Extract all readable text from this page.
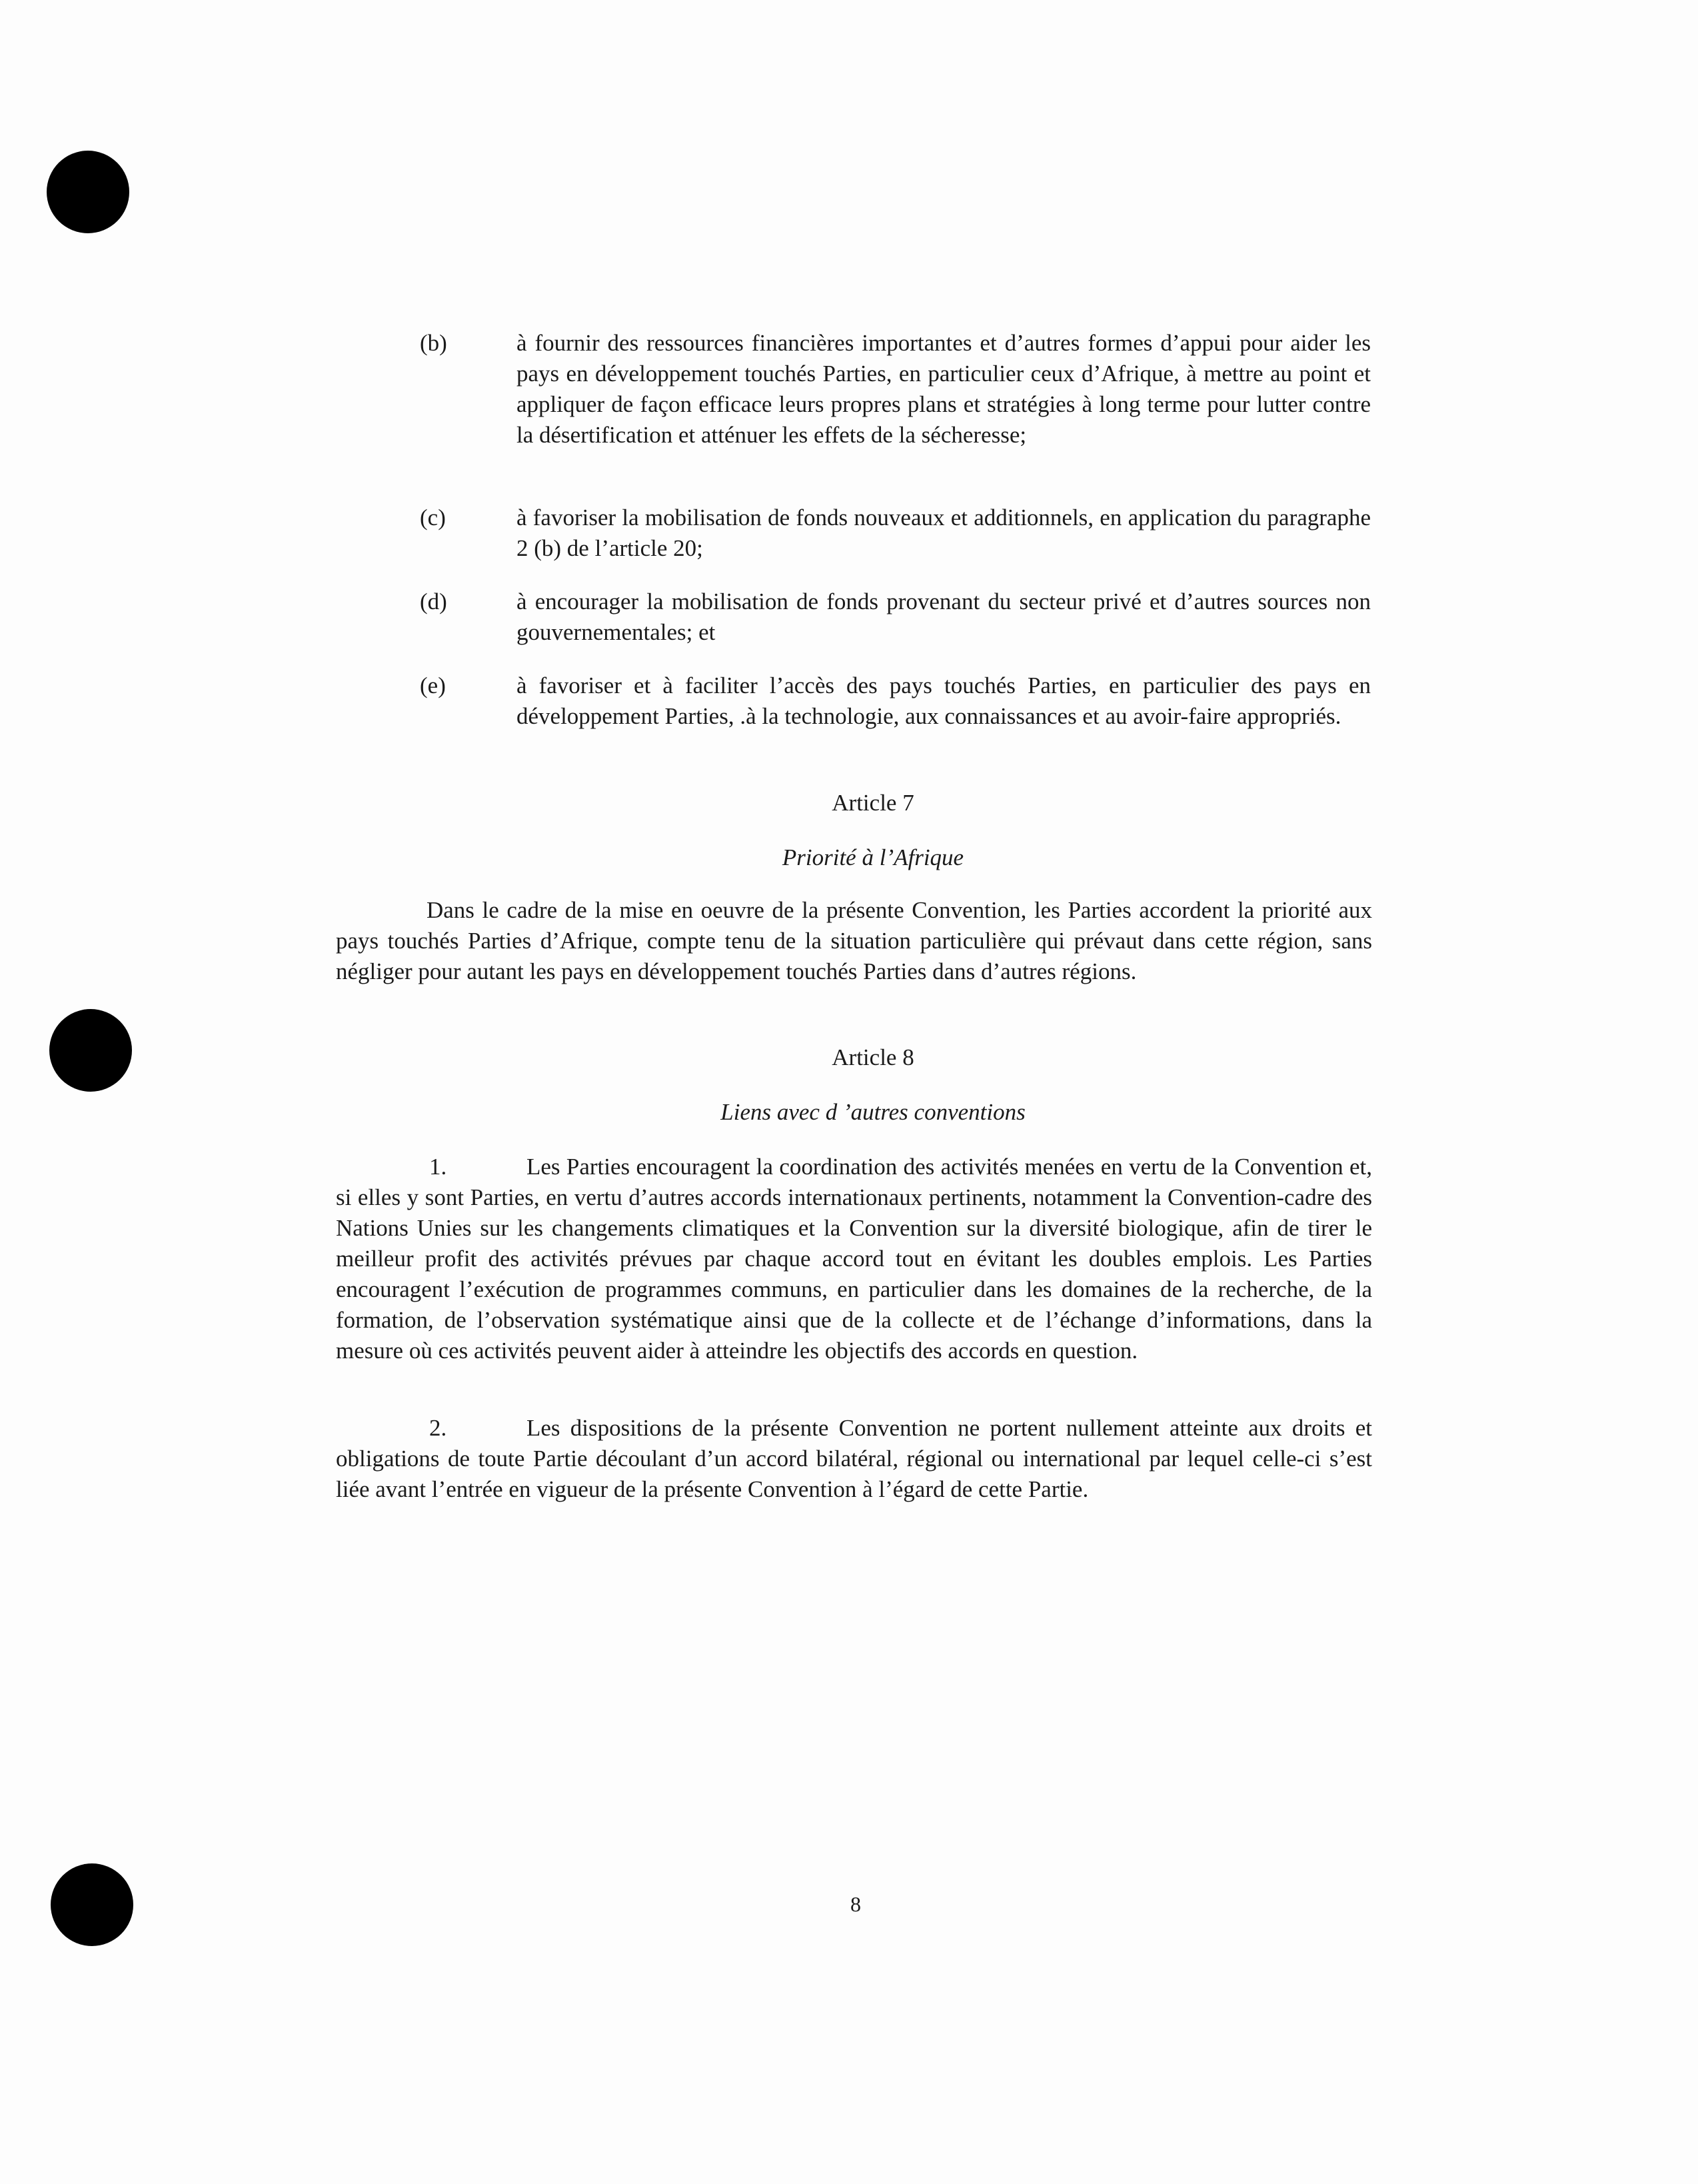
(b)	à fournir des ressources financières importantes et d’autres formes d’appui pour aider les pays en développement touchés Parties, en particulier ceux d’Afrique, à mettre au point et appliquer de façon efficace leurs propres plans et stratégies à long terme pour lutter contre la désertification et atténuer les effets de la sécheresse;
(c)	à favoriser la mobilisation de fonds nouveaux et additionnels, en application du paragraphe 2 (b) de l’article 20;
(d)	à encourager la mobilisation de fonds provenant du secteur privé et d’autres sources non gouvernementales; et
(e)	à favoriser et à faciliter l’accès des pays touchés Parties, en particulier des pays en développement Parties, .à la technologie, aux connaissances et au avoir-faire appropriés.
Article 7
Priorité à l’Afrique
Dans le cadre de la mise en oeuvre de la présente Convention, les Parties accordent la priorité aux pays touchés Parties d’Afrique, compte tenu de la situation particulière qui prévaut dans cette région, sans négliger pour autant les pays en développement touchés Parties dans d’autres régions.
Article 8
Liens avec d ’autres conventions
1.	Les Parties encouragent la coordination des activités menées en vertu de la Convention et, si elles y sont Parties, en vertu d’autres accords internationaux pertinents, notamment la Convention-cadre des Nations Unies sur les changements climatiques et la Convention sur la diversité biologique, afin de tirer le meilleur profit des activités prévues par chaque accord tout en évitant les doubles emplois. Les Parties encouragent l’exécution de programmes communs, en particulier dans les domaines de la recherche, de la formation, de l’observation systématique ainsi que de la collecte et de l’échange d’informations, dans la mesure où ces activités peuvent aider à atteindre les objectifs des accords en question.
2.	Les dispositions de la présente Convention ne portent nullement atteinte aux droits et obligations de toute Partie découlant d’un accord bilatéral, régional ou international par lequel celle-ci s’est liée avant l’entrée en vigueur de la présente Convention à l’égard de cette Partie.
8
